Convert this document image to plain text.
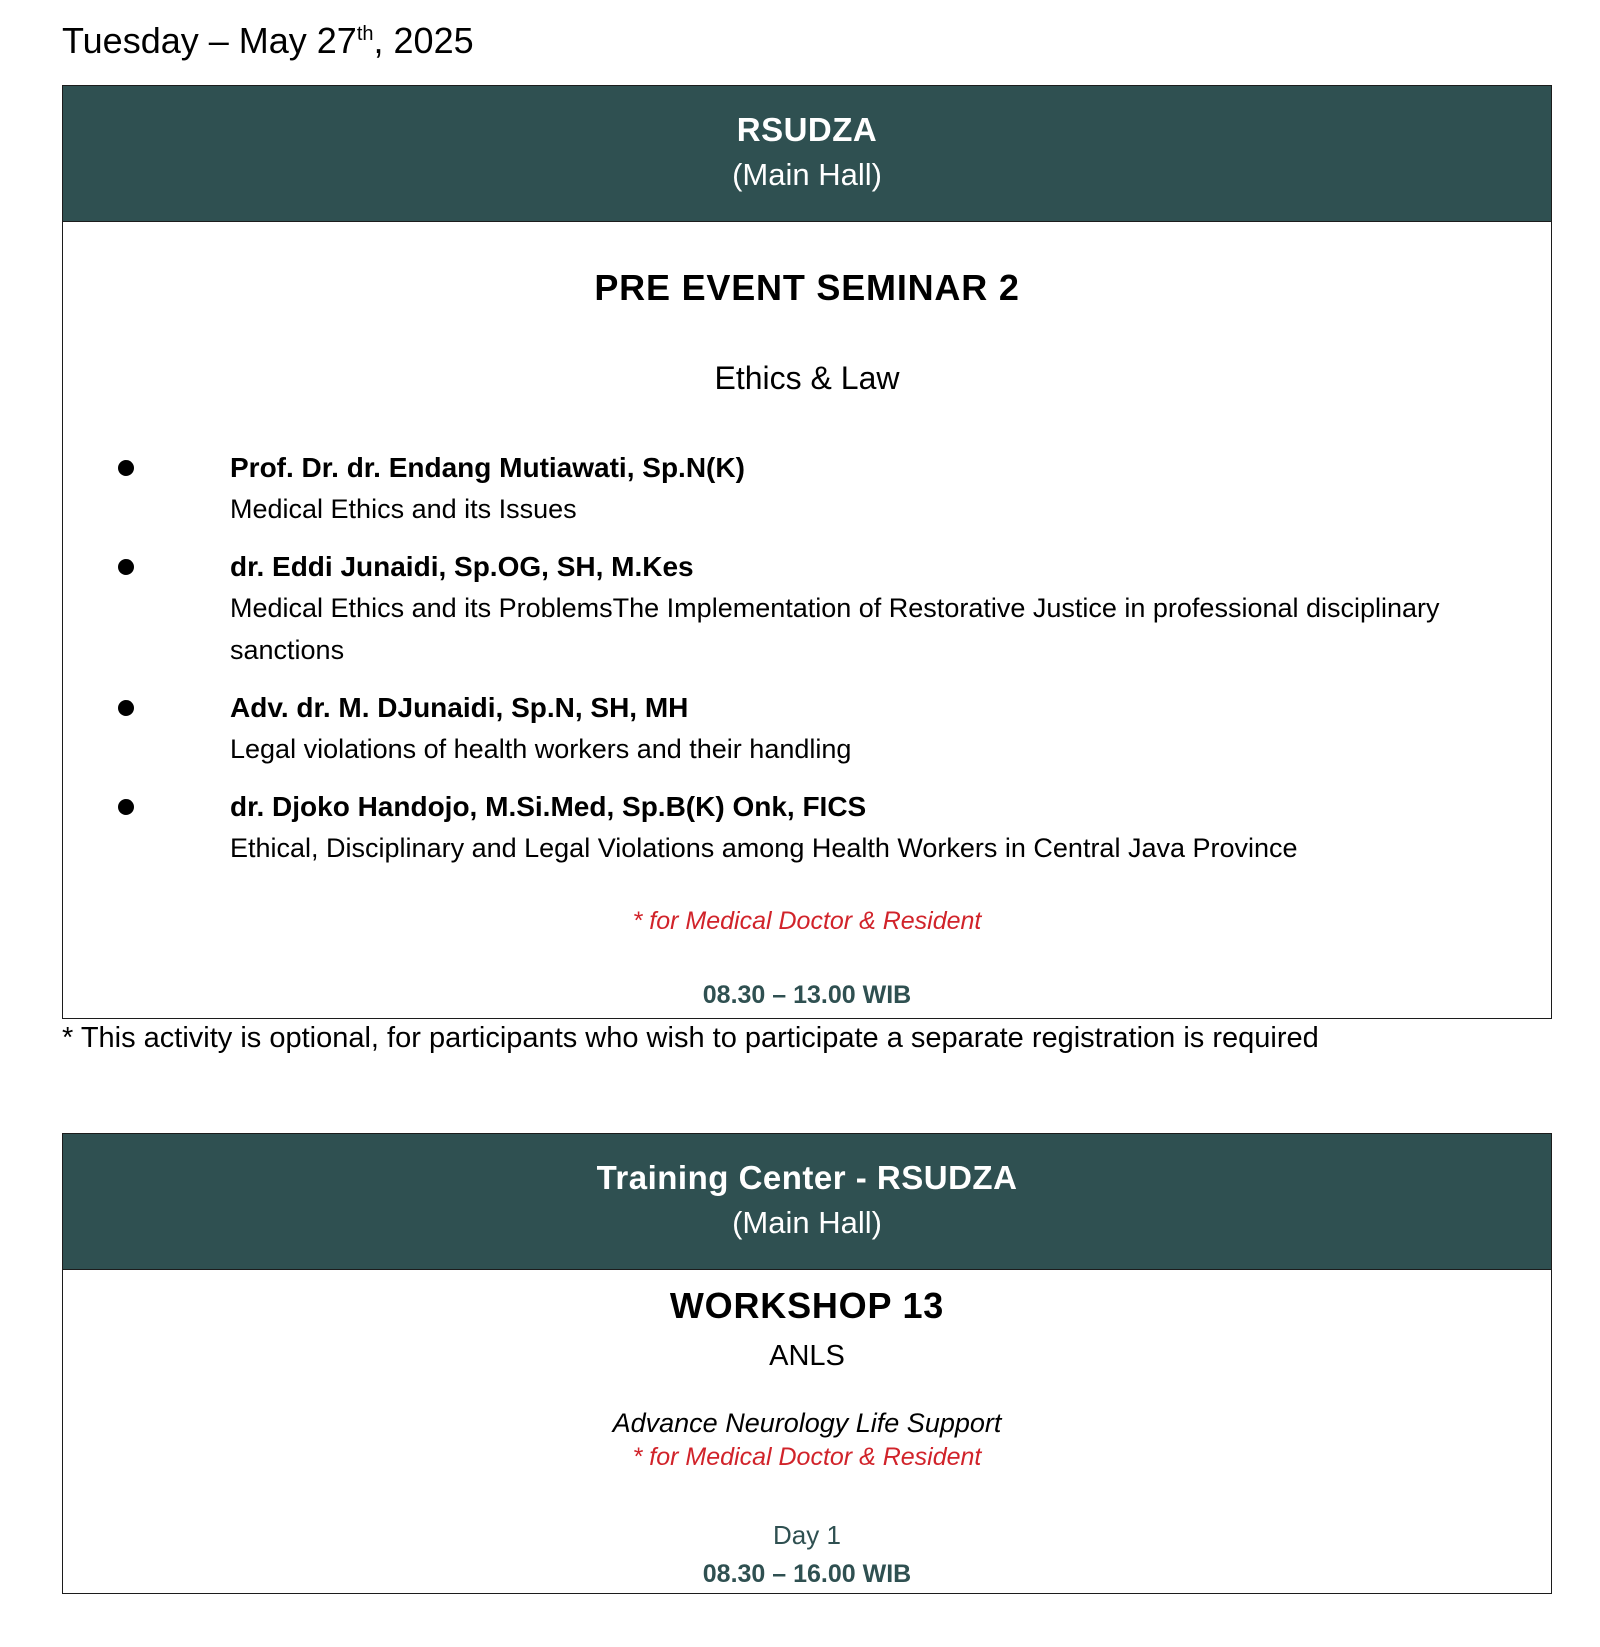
Tuesday – May 27th, 2025
RSUDZA
(Main Hall)
PRE EVENT SEMINAR 2
Ethics & Law
Prof. Dr. dr. Endang Mutiawati, Sp.N(K)
Medical Ethics and its Issues
dr. Eddi Junaidi, Sp.OG, SH, M.Kes
Medical Ethics and its ProblemsThe Implementation of Restorative Justice in professional disciplinary sanctions
Adv. dr. M. DJunaidi, Sp.N, SH, MH
Legal violations of health workers and their handling
dr. Djoko Handojo, M.Si.Med, Sp.B(K) Onk, FICS
Ethical, Disciplinary and Legal Violations among Health Workers in Central Java Province
* for Medical Doctor & Resident
08.30 – 13.00 WIB
* This activity is optional, for participants who wish to participate a separate registration is required
Training Center - RSUDZA
(Main Hall)
WORKSHOP 13
ANLS
Advance Neurology Life Support
* for Medical Doctor & Resident
Day 1
08.30 – 16.00 WIB
